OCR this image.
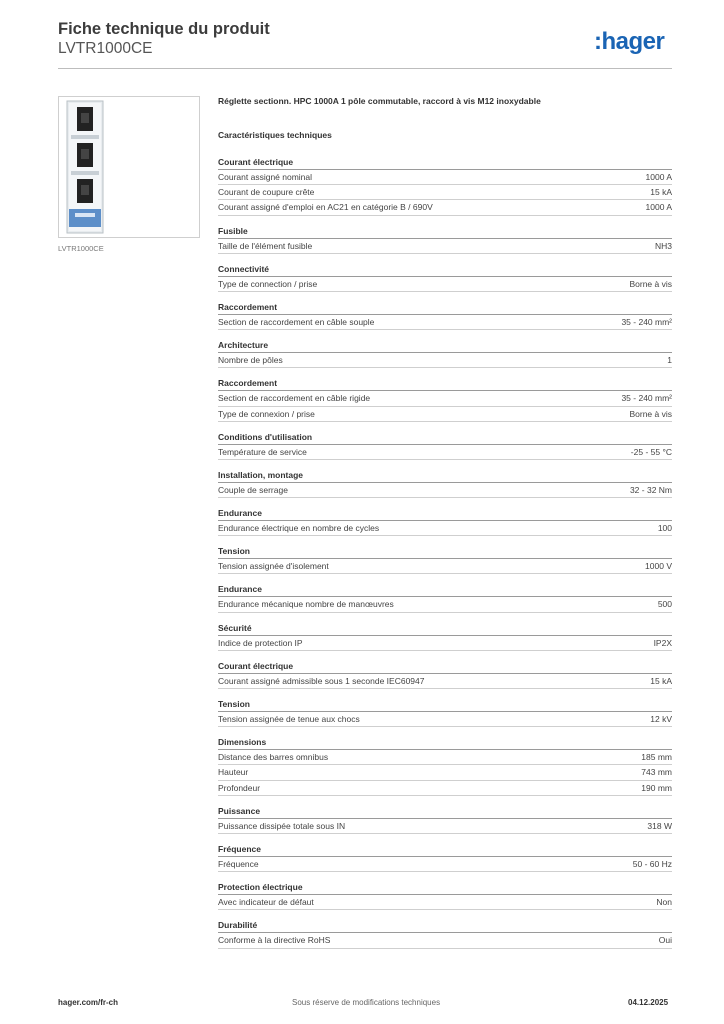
Fiche technique du produit
LVTR1000CE	:hager
LVTR1000CE
Réglette sectionn. HPC 1000A 1 pôle commutable, raccord à vis M12 inoxydable
Caractéristiques techniques
Courant électrique
Courant assigné nominal	1000 A
Courant de coupure crête	15 kA
Courant assigné d'emploi en AC21 en catégorie B / 690V	1000 A
Fusible
Taille de l'élément fusible	NH3
Connectivité
Type de connection / prise	Borne à vis
Raccordement
Section de raccordement en câble souple	35 - 240 mm²
Architecture
Nombre de pôles	1
Raccordement
Section de raccordement en câble rigide	35 - 240 mm²
Type de connexion / prise	Borne à vis
Conditions d'utilisation
Température de service	-25 - 55 °C
Installation, montage
Couple de serrage	32 - 32 Nm
Endurance
Endurance électrique en nombre de cycles	100
Tension
Tension assignée d'isolement	1000 V
Endurance
Endurance mécanique nombre de manœuvres	500
Sécurité
Indice de protection IP	IP2X
Courant électrique
Courant assigné admissible sous 1 seconde IEC60947	15 kA
Tension
Tension assignée de tenue aux chocs	12 kV
Dimensions
Distance des barres omnibus	185 mm
Hauteur	743 mm
Profondeur	190 mm
Puissance
Puissance dissipée totale sous IN	318 W
Fréquence
Fréquence	50 - 60 Hz
Protection électrique
Avec indicateur de défaut	Non
Durabilité
Conforme à la directive RoHS	Oui
hager.com/fr-ch	Sous réserve de modifications techniques	04.12.2025
